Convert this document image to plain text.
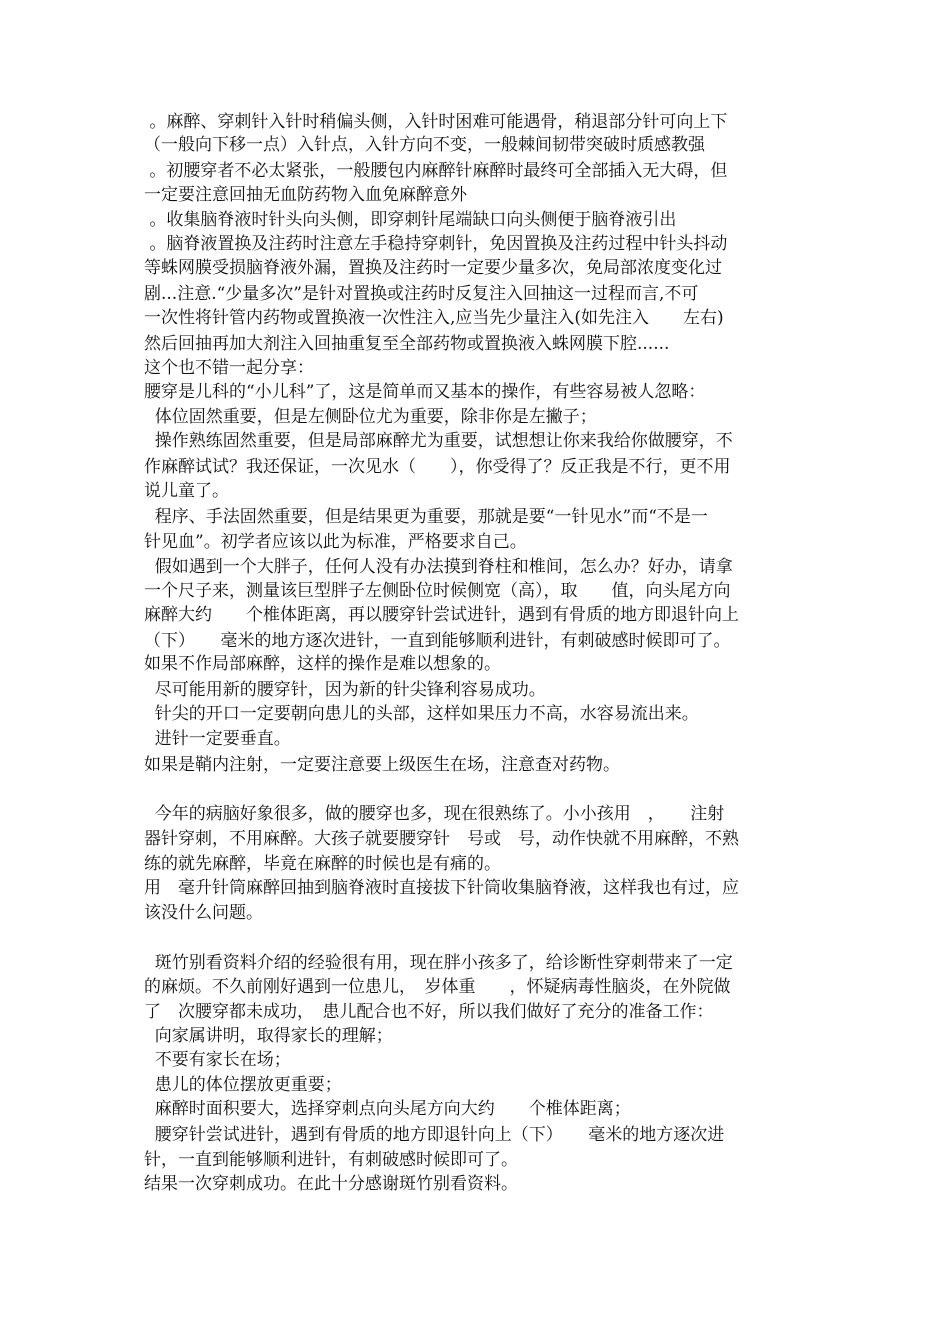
。麻醉、穿刺针入针时稍偏头侧，入针时困难可能遇骨，稍退部分针可向上下
（一般向下移一点）入针点，入针方向不变，一般棘间韧带突破时质感教强
。初腰穿者不必太紧张，一般腰包内麻醉针麻醉时最终可全部插入无大碍，但
一定要注意回抽无血防药物入血免麻醉意外
。收集脑脊液时针头向头侧，即穿刺针尾端缺口向头侧便于脑脊液引出
。脑脊液置换及注药时注意左手稳持穿刺针，免因置换及注药过程中针头抖动
等蛛网膜受损脑脊液外漏，置换及注药时一定要少量多次，免局部浓度变化过
剧...注意.“少量多次”是针对置换或注药时反复注入回抽这一过程而言,不可
一次性将针管内药物或置换液一次性注入,应当先少量注入(如先注入　　左右)
然后回抽再加大剂注入回抽重复至全部药物或置换液入蛛网膜下腔......
这个也不错一起分享：
腰穿是儿科的“小儿科”了，这是简单而又基本的操作，有些容易被人忽略：
体位固然重要，但是左侧卧位尤为重要，除非你是左撇子；
操作熟练固然重要，但是局部麻醉尤为重要，试想想让你来我给你做腰穿，不
作麻醉试试？我还保证，一次见水（　　），你受得了？反正我是不行，更不用
说儿童了。
程序、手法固然重要，但是结果更为重要，那就是要“一针见水”而“不是一
针见血”。初学者应该以此为标准，严格要求自己。
假如遇到一个大胖子，任何人没有办法摸到脊柱和椎间，怎么办？好办，请拿
一个尺子来，测量该巨型胖子左侧卧位时候侧宽（高），取　　值，向头尾方向
麻醉大约　　个椎体距离，再以腰穿针尝试进针，遇到有骨质的地方即退针向上
（下）　　毫米的地方逐次进针，一直到能够顺利进针，有刺破感时候即可了。
如果不作局部麻醉，这样的操作是难以想象的。
尽可能用新的腰穿针，因为新的针尖锋利容易成功。
针尖的开口一定要朝向患儿的头部，这样如果压力不高，水容易流出来。
进针一定要垂直。
如果是鞘内注射，一定要注意要上级医生在场，注意查对药物。
今年的病脑好象很多，做的腰穿也多，现在很熟练了。小小孩用　，　　注射
器针穿刺，不用麻醉。大孩子就要腰穿针　号或　号，动作快就不用麻醉，不熟
练的就先麻醉，毕竟在麻醉的时候也是有痛的。
用　毫升针筒麻醉回抽到脑脊液时直接拔下针筒收集脑脊液，这样我也有过，应
该没什么问题。
斑竹别看资料介绍的经验很有用，现在胖小孩多了，给诊断性穿刺带来了一定
的麻烦。不久前刚好遇到一位患儿，　岁体重　　，怀疑病毒性脑炎，在外院做
了　次腰穿都未成功，　患儿配合也不好，所以我们做好了充分的准备工作：
向家属讲明，取得家长的理解；
不要有家长在场；
患儿的体位摆放更重要；
麻醉时面积要大，选择穿刺点向头尾方向大约　　个椎体距离；
腰穿针尝试进针，遇到有骨质的地方即退针向上（下）　　毫米的地方逐次进
针，一直到能够顺利进针，有刺破感时候即可了。
结果一次穿刺成功。在此十分感谢斑竹别看资料。
